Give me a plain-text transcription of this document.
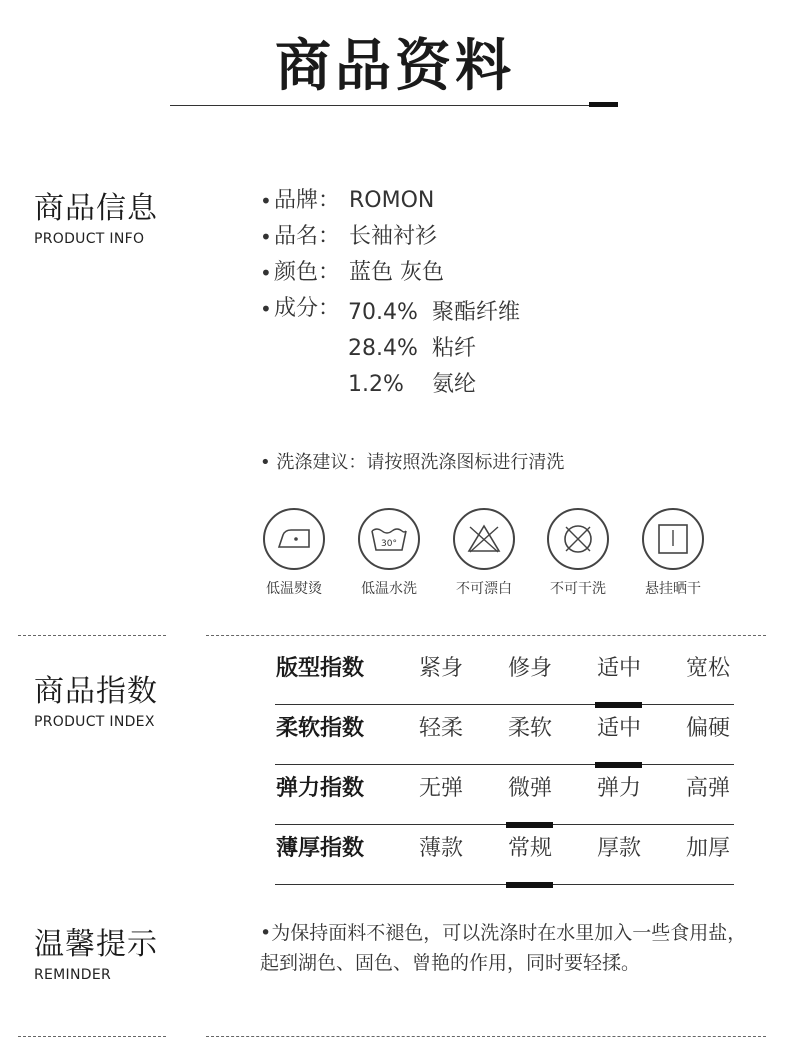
商品资料
商品信息
PRODUCT INFO
• 品牌： ROMON
• 品名： 长袖衬衫
• 颜色： 蓝色 灰色
• 成分： 70.4% 聚酯纤维
28.4% 粘纤
1.2% 氨纶
• 洗涤建议：请按照洗涤图标进行清洗
低温熨烫
30°
低温水洗	不可漂白	不可干洗	悬挂晒干
商品指数
PRODUCT INDEX
版型指数	紧身	修身	适中	宽松
柔软指数	轻柔	柔软	适中	偏硬
弹力指数	无弹	微弹	弹力	高弹
薄厚指数	薄款	常规	厚款	加厚
温馨提示
REMINDER
•为保持面料不褪色，可以洗涤时在水里加入一些食用盐，起到湖色、固色、曾艳的作用，同时要轻揉。
